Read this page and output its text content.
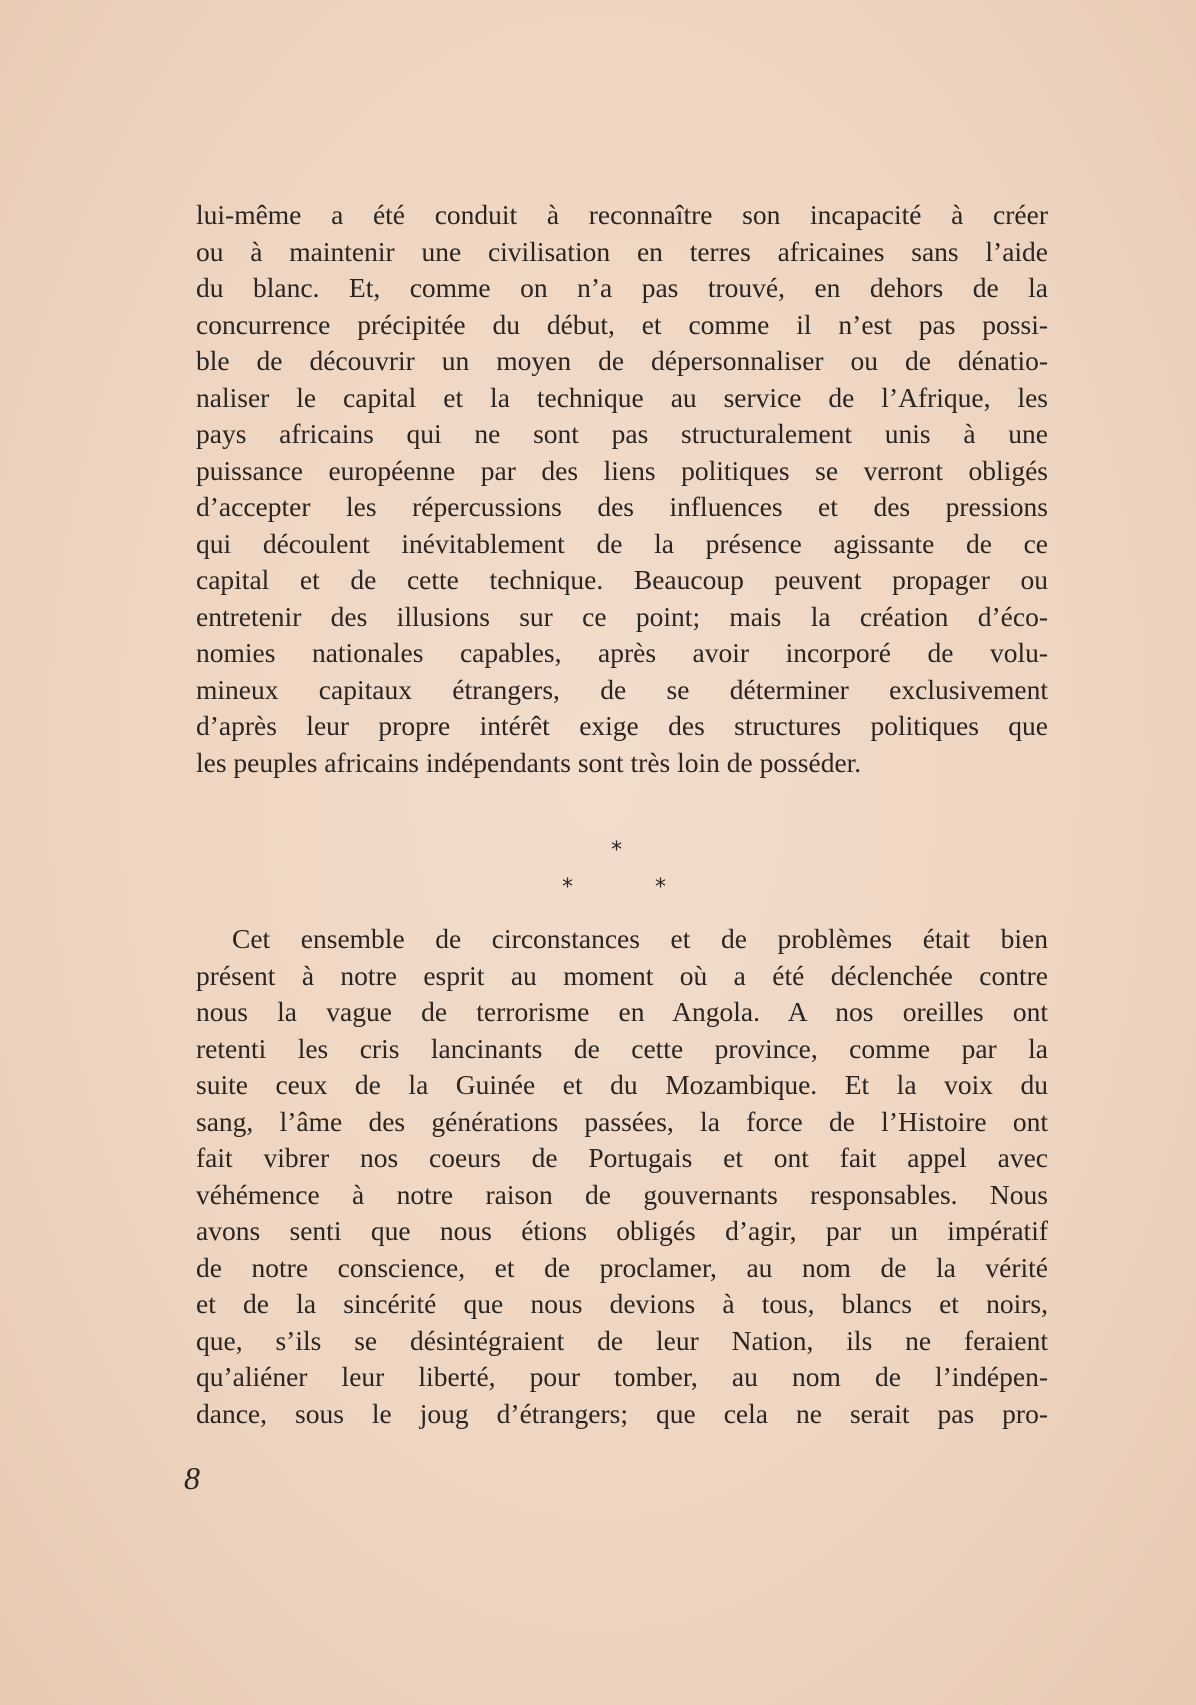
lui-même a été conduit à reconnaître son incapacité à créer
ou à maintenir une civilisation en terres africaines sans l’aide
du blanc. Et, comme on n’a pas trouvé, en dehors de la
concurrence précipitée du début, et comme il n’est pas possi-
ble de découvrir un moyen de dépersonnaliser ou de dénatio-
naliser le capital et la technique au service de l’Afrique, les
pays africains qui ne sont pas structuralement unis à une
puissance européenne par des liens politiques se verront obligés
d’accepter les répercussions des influences et des pressions
qui découlent inévitablement de la présence agissante de ce
capital et de cette technique. Beaucoup peuvent propager ou
entretenir des illusions sur ce point; mais la création d’éco-
nomies nationales capables, après avoir incorporé de volu-
mineux capitaux étrangers, de se déterminer exclusivement
d’après leur propre intérêt exige des structures politiques que
les peuples africains indépendants sont très loin de posséder.
*
*	*
Cet ensemble de circonstances et de problèmes était bien
présent à notre esprit au moment où a été déclenchée contre
nous la vague de terrorisme en Angola. A nos oreilles ont
retenti les cris lancinants de cette province, comme par la
suite ceux de la Guinée et du Mozambique. Et la voix du
sang, l’âme des générations passées, la force de l’Histoire ont
fait vibrer nos coeurs de Portugais et ont fait appel avec
véhémence à notre raison de gouvernants responsables. Nous
avons senti que nous étions obligés d’agir, par un impératif
de notre conscience, et de proclamer, au nom de la vérité
et de la sincérité que nous devions à tous, blancs et noirs,
que, s’ils se désintégraient de leur Nation, ils ne feraient
qu’aliéner leur liberté, pour tomber, au nom de l’indépen-
dance, sous le joug d’étrangers; que cela ne serait pas pro-
8
